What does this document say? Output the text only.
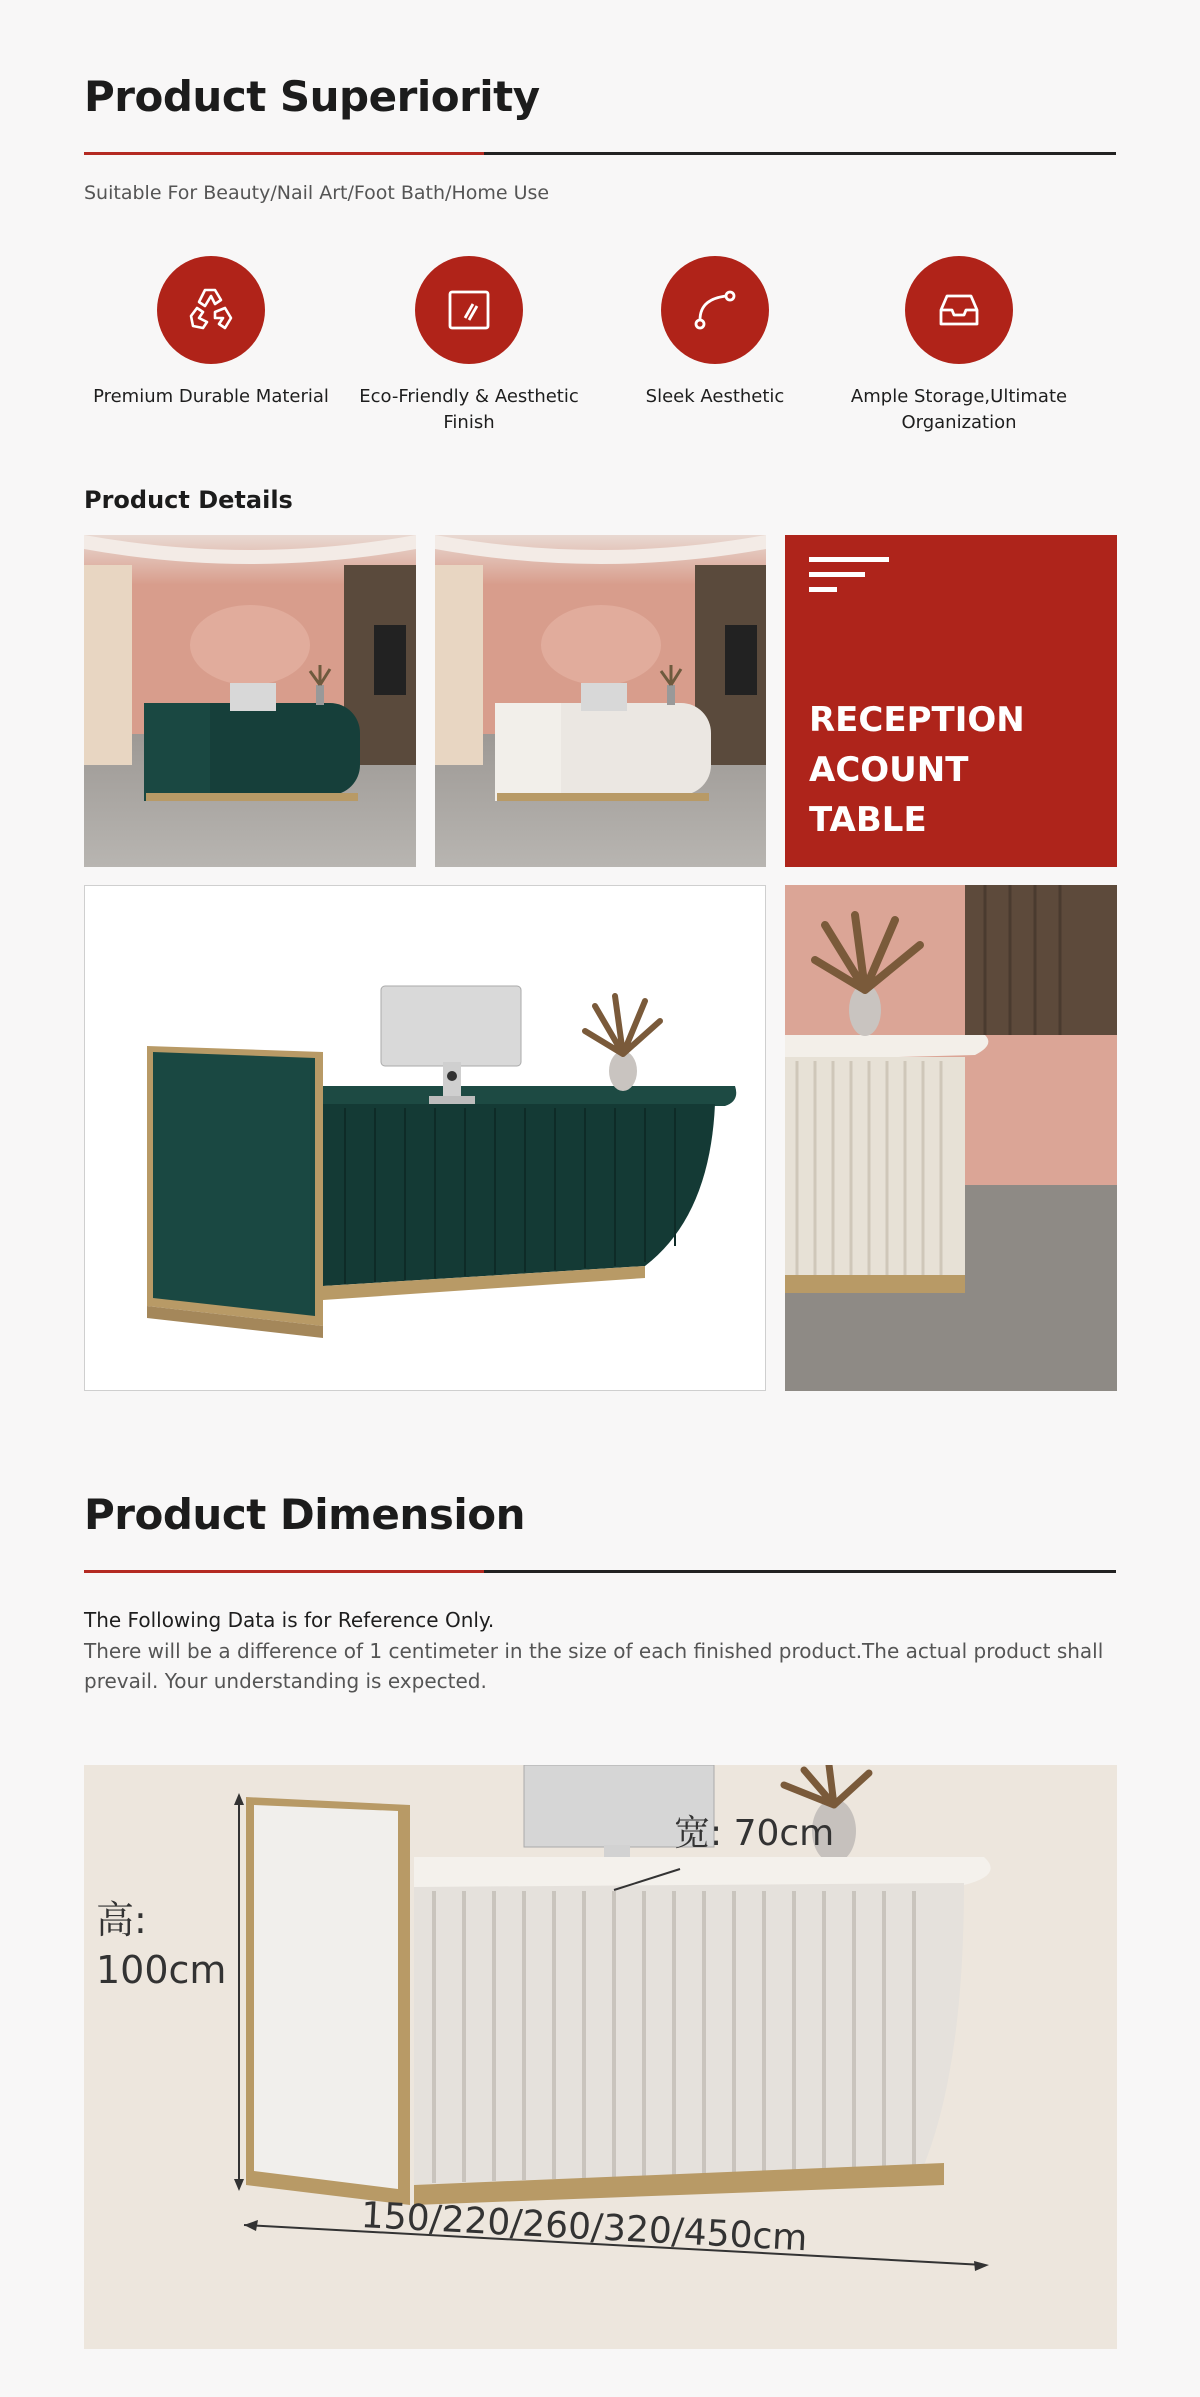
Product Superiority
Suitable For Beauty/Nail Art/Foot Bath/Home Use
Premium Durable Material	Eco-Friendly & Aesthetic Finish
Sleek Aesthetic	Ample Storage,Ultimate Organization
Product Details
RECEPTION
ACOUNT
TABLE
Product Dimension
The Following Data is for Reference Only.
There will be a difference of 1 centimeter in the size of each finished product.The actual product shall prevail. Your understanding is expected.
高:
100cm
宽: 70cm
150/220/260/320/450cm
